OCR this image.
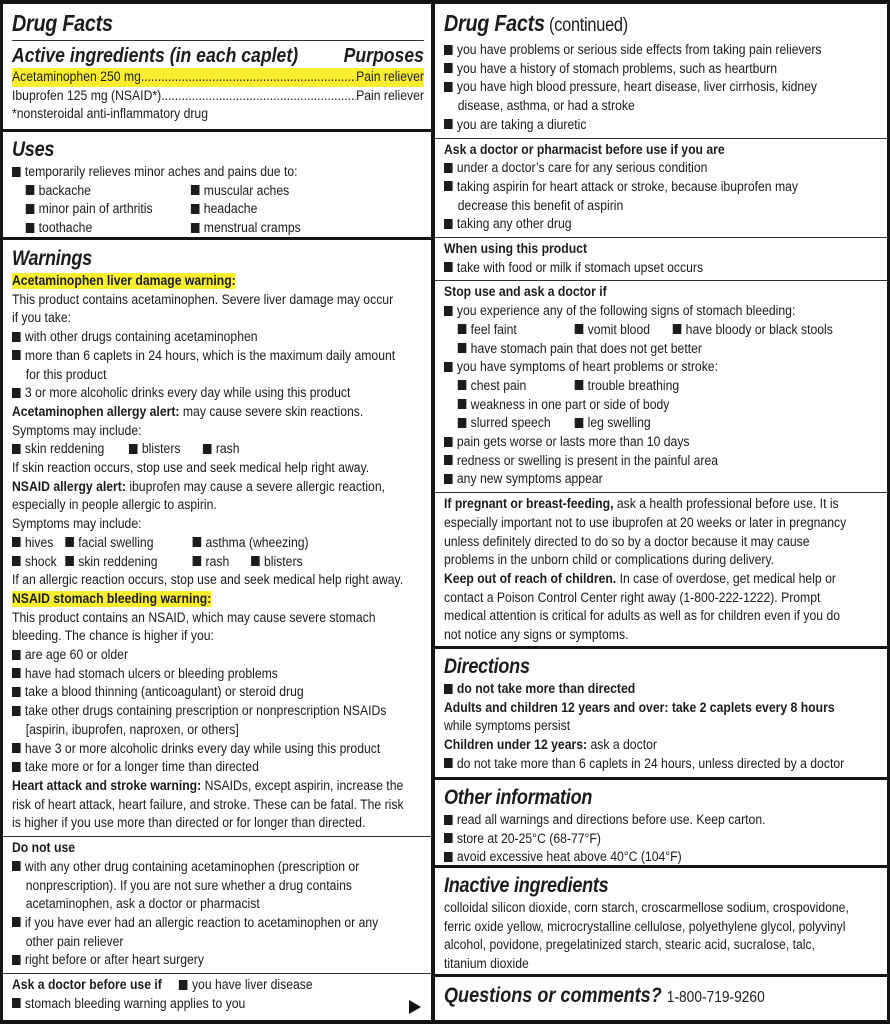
Drug Facts
Active ingredients (in each caplet) Purposes
Acetaminophen 250 mg .....	Pain reliever
Ibuprofen 125 mg (NSAID*) .....	Pain reliever
*nonsteroidal anti-inflammatory drug
Uses
temporarily relieves minor aches and pains due to:
backache	muscular aches
minor pain of arthritis	headache
toothache	menstrual cramps
Warnings
Acetaminophen liver damage warning:
This product contains acetaminophen. Severe liver damage may occur
if you take:
with other drugs containing acetaminophen
more than 6 caplets in 24 hours, which is the maximum daily amount
for this product
3 or more alcoholic drinks every day while using this product
Acetaminophen allergy alert: may cause severe skin reactions.
Symptoms may include:
skin reddening	blisters rash
If skin reaction occurs, stop use and seek medical help right away.
NSAID allergy alert: ibuprofen may cause a severe allergic reaction,
especially in people allergic to aspirin.
Symptoms may include:
hives facial swelling	asthma (wheezing)
shock skin reddening	rash blisters
If an allergic reaction occurs, stop use and seek medical help right away.
NSAID stomach bleeding warning:
This product contains an NSAID, which may cause severe stomach
bleeding. The chance is higher if you:
are age 60 or older
have had stomach ulcers or bleeding problems
take a blood thinning (anticoagulant) or steroid drug
take other drugs containing prescription or nonprescription NSAIDs
[aspirin, ibuprofen, naproxen, or others]
have 3 or more alcoholic drinks every day while using this product
take more or for a longer time than directed
Heart attack and stroke warning: NSAIDs, except aspirin, increase the
risk of heart attack, heart failure, and stroke. These can be fatal. The risk
is higher if you use more than directed or for longer than directed.
Do not use
with any other drug containing acetaminophen (prescription or
nonprescription). If you are not sure whether a drug contains
acetaminophen, ask a doctor or pharmacist
if you have ever had an allergic reaction to acetaminophen or any
other pain reliever
right before or after heart surgery
Ask a doctor before use if you have liver disease
stomach bleeding warning applies to you
Drug Facts (continued)
you have problems or serious side effects from taking pain relievers
you have a history of stomach problems, such as heartburn
you have high blood pressure, heart disease, liver cirrhosis, kidney
disease, asthma, or had a stroke
you are taking a diuretic
Ask a doctor or pharmacist before use if you are
under a doctor’s care for any serious condition
taking aspirin for heart attack or stroke, because ibuprofen may
decrease this benefit of aspirin
taking any other drug
When using this product
take with food or milk if stomach upset occurs
Stop use and ask a doctor if
you experience any of the following signs of stomach bleeding:
feel faint	vomit blood	have bloody or black stools
have stomach pain that does not get better
you have symptoms of heart problems or stroke:
chest pain	trouble breathing
weakness in one part or side of body
slurred speech	leg swelling
pain gets worse or lasts more than 10 days
redness or swelling is present in the painful area
any new symptoms appear
If pregnant or breast-feeding, ask a health professional before use. It is
especially important not to use ibuprofen at 20 weeks or later in pregnancy
unless definitely directed to do so by a doctor because it may cause
problems in the unborn child or complications during delivery.
Keep out of reach of children. In case of overdose, get medical help or
contact a Poison Control Center right away (1-800-222-1222). Prompt
medical attention is critical for adults as well as for children even if you do
not notice any signs or symptoms.
Directions
do not take more than directed
Adults and children 12 years and over: take 2 caplets every 8 hours
while symptoms persist
Children under 12 years: ask a doctor
do not take more than 6 caplets in 24 hours, unless directed by a doctor
Other information
read all warnings and directions before use. Keep carton.
store at 20-25°C (68-77°F)
avoid excessive heat above 40°C (104°F)
Inactive ingredients
colloidal silicon dioxide, corn starch, croscarmellose sodium, crospovidone,
ferric oxide yellow, microcrystalline cellulose, polyethylene glycol, polyvinyl
alcohol, povidone, pregelatinized starch, stearic acid, sucralose, talc,
titanium dioxide
Questions or comments? 1-800-719-9260
